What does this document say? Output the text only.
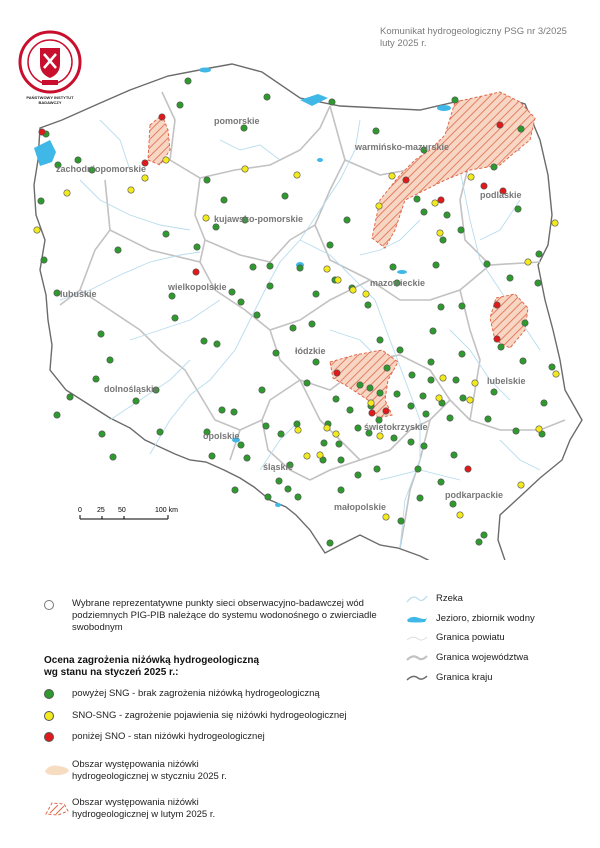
Komunikat hydrogeologiczny PSG nr 3/2025
luty 2025 r.
PAŃSTWOWY INSTYTUT BADAWCZY
pomorskie
zachodniopomorskie
warmińsko-mazurskie
podlaskie
kujawsko-pomorskie
lubuskie
wielkopolskie	mazowieckie
łódzkie
lubelskie
dolnośląskie
świętokrzyskie
opolskie
śląskie
małopolskie
podkarpackie
0 25 50	100 km
Wybrane reprezentatywne punkty sieci obserwacyjno-badawczej wód podziemnych PIG-PIB należące do systemu wodonośnego o zwierciadle swobodnym
Ocena zagrożenia niżówką hydrogeologiczną
wg stanu na styczeń 2025 r.:
powyżej SNG - brak zagrożenia niżówką hydrogeologiczną
SNO-SNG - zagrożenie pojawienia się niżówki hydrogeologicznej
poniżej SNO - stan niżówki hydrogeologicznej
Obszar występowania niżówki
hydrogeologicznej w styczniu 2025 r.
Obszar występowania niżówki
hydrogeologicznej w lutym 2025 r.
Rzeka
Jezioro, zbiornik wodny
Granica powiatu
Granica województwa
Granica kraju
